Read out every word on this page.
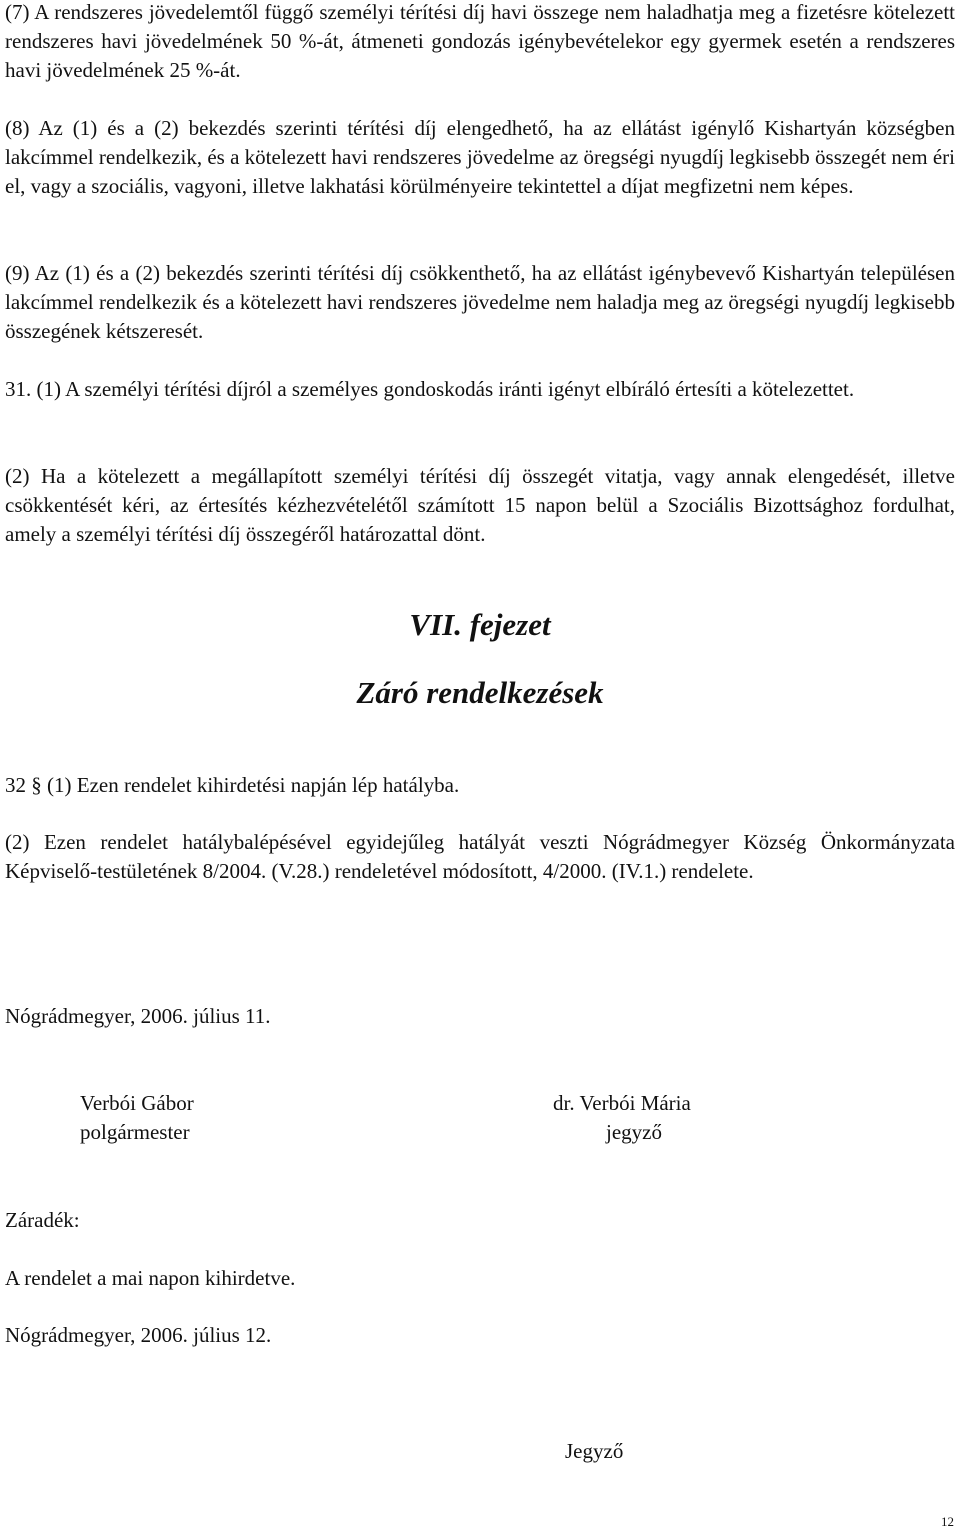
(7) A rendszeres jövedelemtől függő személyi térítési díj havi összege nem haladhatja meg a fizetésre kötelezett rendszeres havi jövedelmének 50 %-át, átmeneti gondozás igénybevételekor egy gyermek esetén a rendszeres havi jövedelmének 25 %-át.

(8) Az (1) és a (2) bekezdés szerinti térítési díj elengedhető, ha az ellátást igénylő Kishartyán községben lakcímmel rendelkezik, és a kötelezett havi rendszeres jövedelme az öregségi nyugdíj legkisebb összegét nem éri el, vagy a szociális, vagyoni, illetve lakhatási körülményeire tekintettel a díjat megfizetni nem képes.

(9) Az (1) és a (2) bekezdés szerinti térítési díj csökkenthető, ha az ellátást igénybevevő Kishartyán településen lakcímmel rendelkezik és a kötelezett havi rendszeres jövedelme nem haladja meg az öregségi nyugdíj legkisebb összegének kétszeresét.

31. (1) A személyi térítési díjról a személyes gondoskodás iránti igényt elbíráló értesíti a kötelezettet.

(2) Ha a kötelezett a megállapított személyi térítési díj összegét vitatja, vagy annak elengedését, illetve csökkentését kéri, az értesítés kézhezvételétől számított 15 napon belül a Szociális Bizottsághoz fordulhat, amely a személyi térítési díj összegéről határozattal dönt.

VII. fejezet
Záró rendelkezések

32 § (1) Ezen rendelet kihirdetési napján lép hatályba.

(2) Ezen rendelet hatálybalépésével egyidejűleg hatályát veszti Nógrádmegyer Község Önkormányzata Képviselő-testületének 8/2004. (V.28.) rendeletével módosított, 4/2000. (IV.1.) rendelete.

Nógrádmegyer, 2006. július 11.

Verbói Gábor

polgármester

dr. Verbói Mária

jegyző

Záradék:

A rendelet a mai napon kihirdetve.

Nógrádmegyer, 2006. július 12.

Jegyző

12
